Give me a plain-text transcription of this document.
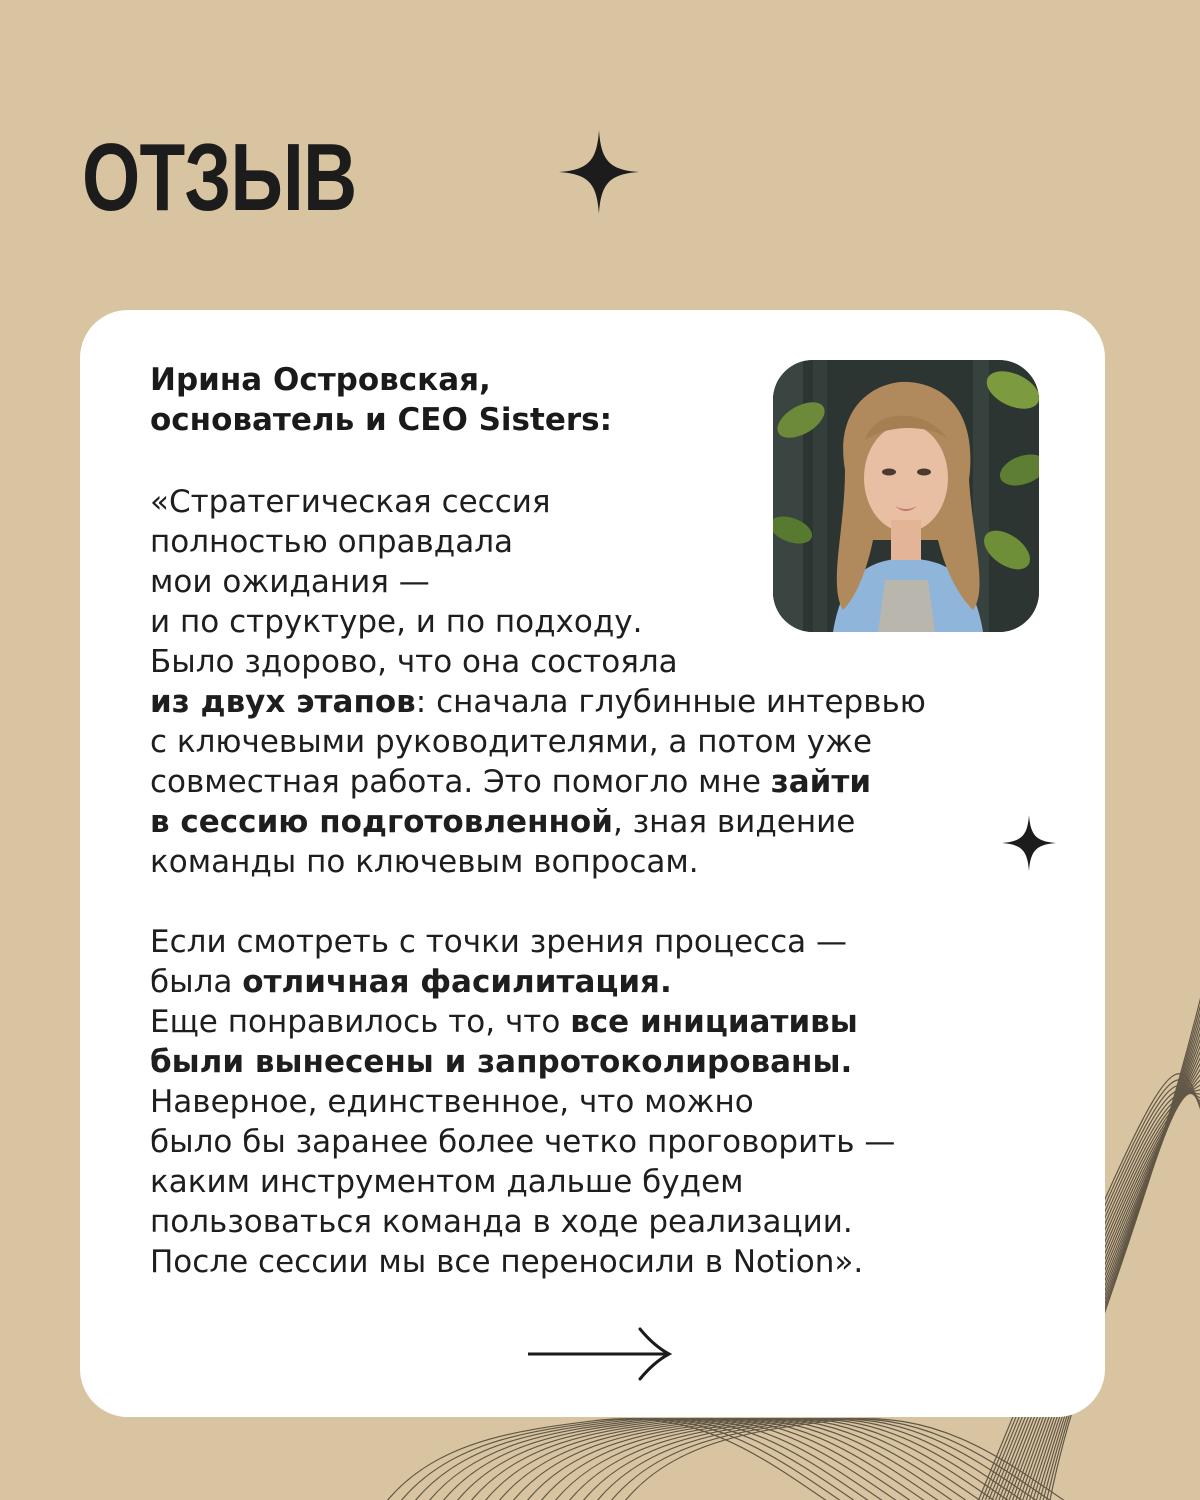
ОТЗЫВ
Ирина Островская,
основатель и CEO Sisters:
«Стратегическая сессия
полностью оправдала
мои ожидания —
и по структуре, и по подходу.
Было здорово, что она состояла
из двух этапов: сначала глубинные интервью
с ключевыми руководителями, а потом уже
совместная работа. Это помогло мне зайти
в сессию подготовленной, зная видение
команды по ключевым вопросам.
Если смотреть с точки зрения процесса —
была отличная фасилитация.
Еще понравилось то, что все инициативы
были вынесены и запротоколированы.
Наверное, единственное, что можно
было бы заранее более четко проговорить —
каким инструментом дальше будем
пользоваться команда в ходе реализации.
После сессии мы все переносили в Notion».
